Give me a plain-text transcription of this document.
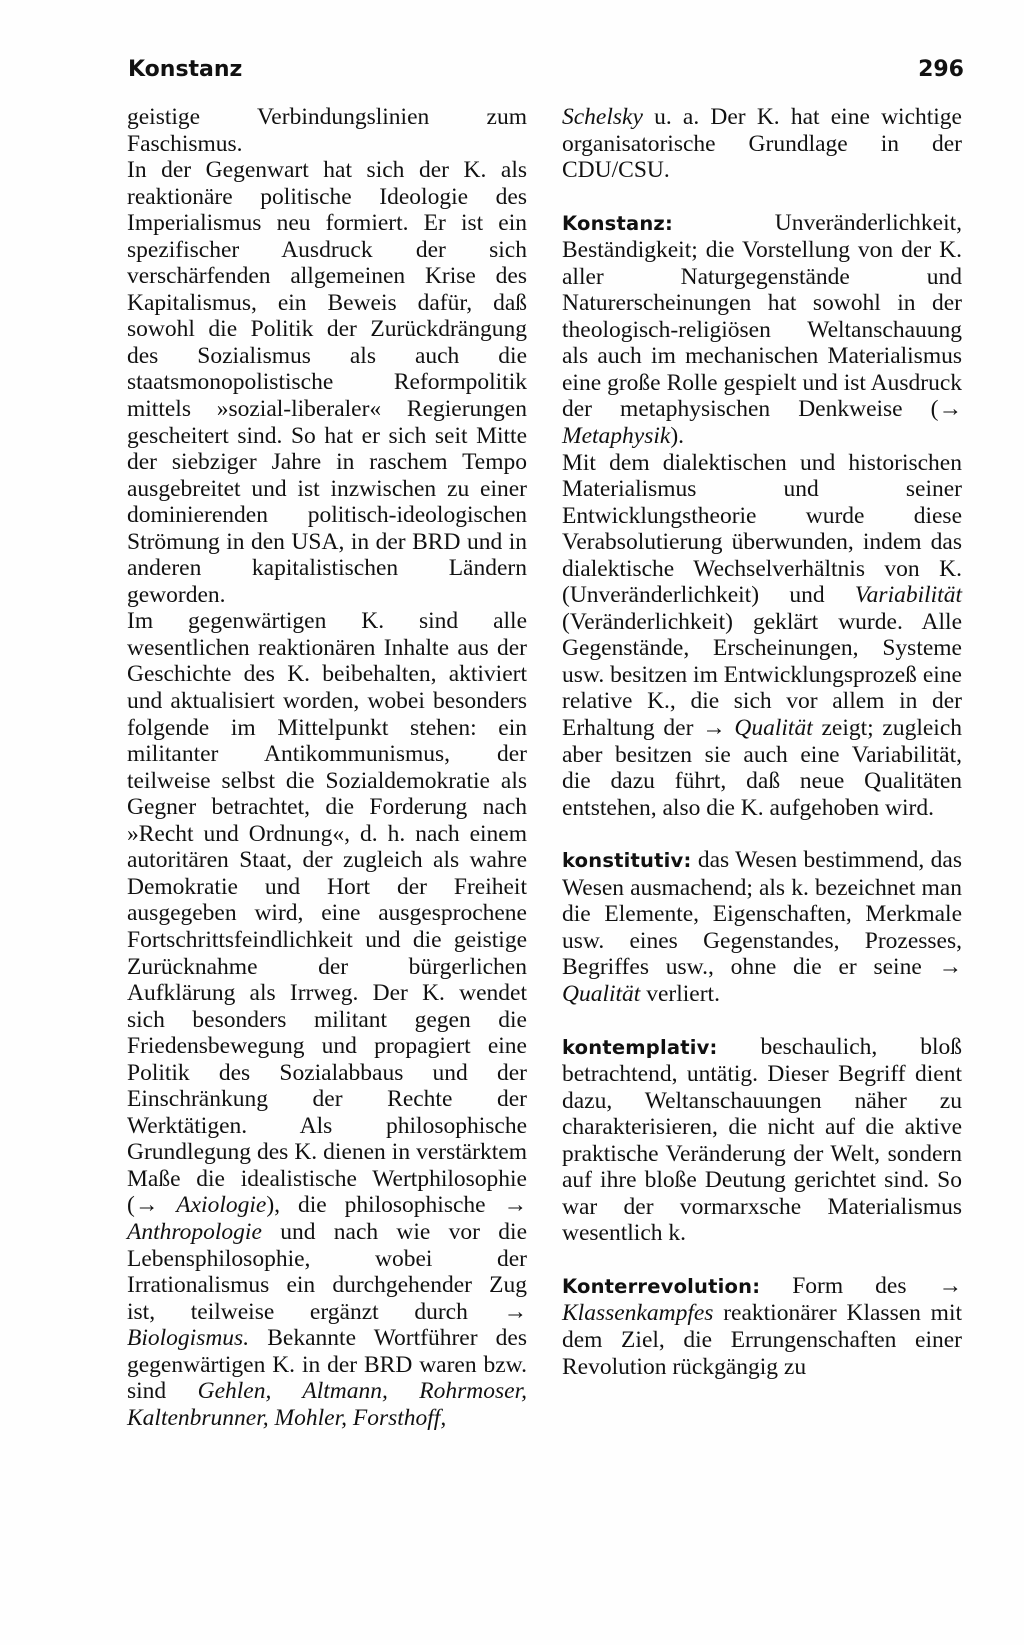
Konstanz	296

geistige Verbindungslinien zum Faschismus.

In der Gegenwart hat sich der K. als reaktionäre politische Ideologie des Imperialismus neu formiert. Er ist ein spezifischer Ausdruck der sich verschärfenden allgemeinen Krise des Kapitalismus, ein Beweis dafür, daß sowohl die Politik der Zurückdrängung des Sozialismus als auch die staatsmonopolistische Reformpolitik mittels »sozial-liberaler« Regierungen gescheitert sind. So hat er sich seit Mitte der siebziger Jahre in raschem Tempo ausgebreitet und ist inzwischen zu einer dominierenden politisch-ideologischen Strömung in den USA, in der BRD und in anderen kapitalistischen Ländern geworden.

Im gegenwärtigen K. sind alle wesentlichen reaktionären Inhalte aus der Geschichte des K. beibehalten, aktiviert und aktualisiert worden, wobei besonders folgende im Mittelpunkt stehen: ein militanter Antikommunismus, der teilweise selbst die Sozialdemokratie als Gegner betrachtet, die Forderung nach »Recht und Ordnung«, d. h. nach einem autoritären Staat, der zugleich als wahre Demokratie und Hort der Freiheit ausgegeben wird, eine ausgesprochene Fortschrittsfeindlichkeit und die geistige Zurücknahme der bürgerlichen Aufklärung als Irrweg. Der K. wendet sich besonders militant gegen die Friedensbewegung und propagiert eine Politik des Sozialabbaus und der Einschränkung der Rechte der Werktätigen. Als philosophische Grundlegung des K. dienen in verstärktem Maße die idealistische Wertphilosophie (→ Axiologie), die philosophische → Anthropologie und nach wie vor die Lebensphilosophie, wobei der Irrationalismus ein durchgehender Zug ist, teilweise ergänzt durch → Biologismus. Bekannte Wortführer des gegenwärtigen K. in der BRD waren bzw. sind Gehlen, Altmann, Rohrmoser, Kaltenbrunner, Mohler, Forsthoff,

Schelsky u. a. Der K. hat eine wichtige organisatorische Grundlage in der CDU/CSU.

Konstanz:	Unveränderlichkeit, Beständigkeit; die Vorstellung von der K. aller Naturgegenstände und Naturerscheinungen hat sowohl in der theologisch-religiösen Weltanschauung als auch im mechanischen Materialismus eine große Rolle gespielt und ist Ausdruck der metaphysischen Denkweise (→ Metaphysik).

Mit dem dialektischen und historischen Materialismus und seiner Entwicklungstheorie wurde diese Verabsolutierung überwunden, indem das dialektische Wechselverhältnis von K. (Unveränderlichkeit) und Variabilität (Veränderlichkeit) geklärt wurde. Alle Gegenstände, Erscheinungen, Systeme usw. besitzen im Entwicklungsprozeß eine relative K., die sich vor allem in der Erhaltung der → Qualität zeigt; zugleich aber besitzen sie auch eine Variabilität, die dazu führt, daß neue Qualitäten entstehen, also die K. aufgehoben wird.

konstitutiv: das Wesen bestimmend, das Wesen ausmachend; als k. bezeichnet man die Elemente, Eigenschaften, Merkmale usw. eines Gegenstandes, Prozesses, Begriffes usw., ohne die er seine → Qualität verliert.

kontemplativ: beschaulich, bloß betrachtend, untätig. Dieser Begriff dient dazu, Weltanschauungen näher zu charakterisieren, die nicht auf die aktive praktische Veränderung der Welt, sondern auf ihre bloße Deutung gerichtet sind. So war der vormarxsche Materialismus wesentlich k.

Konterrevolution: Form des → Klassenkampfes reaktionärer Klassen mit dem Ziel, die Errungenschaften einer Revolution rückgängig zu
